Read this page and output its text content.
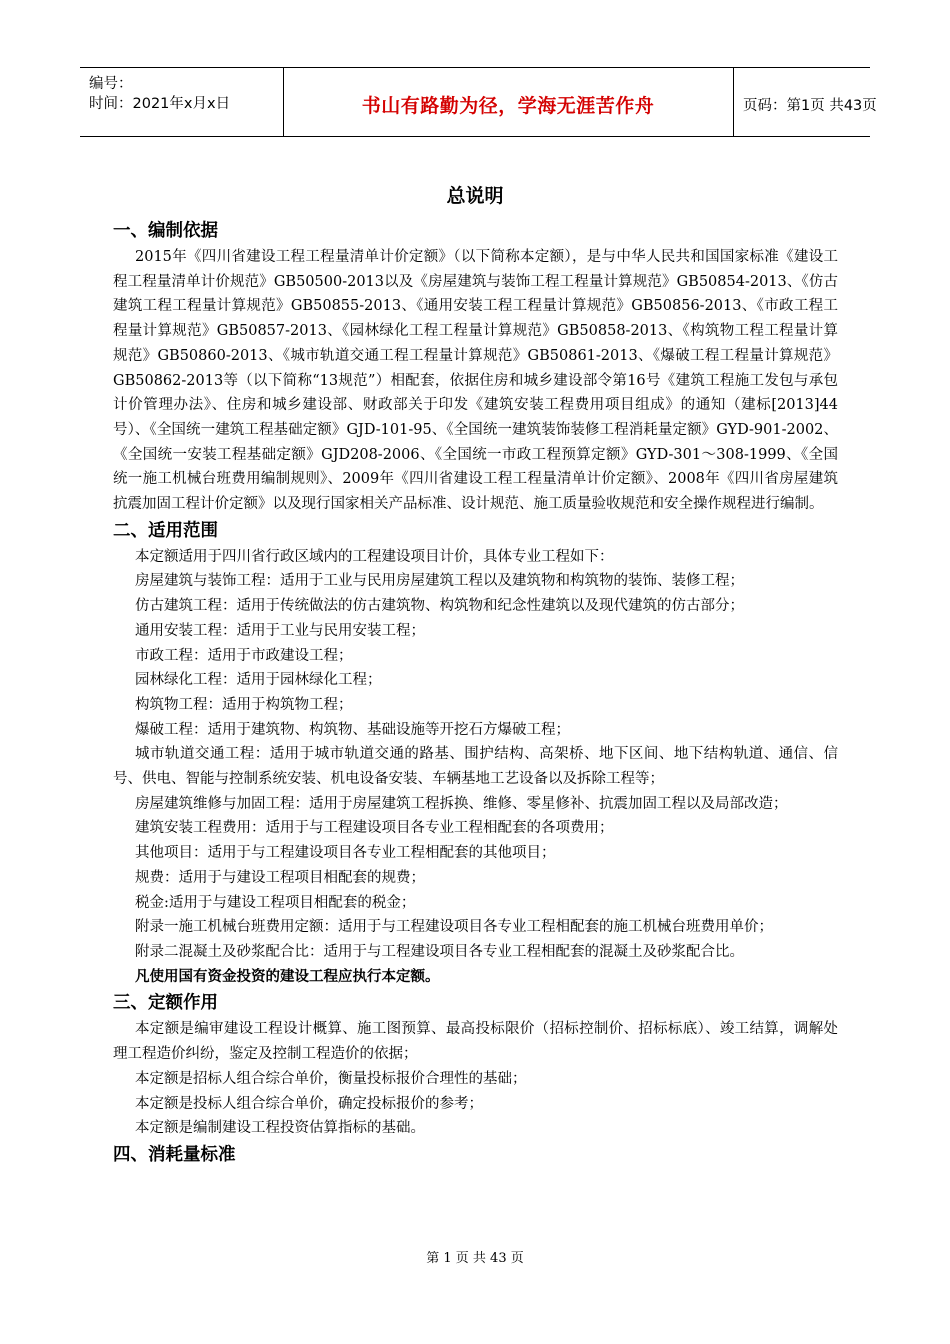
编号：
时间：2021年x月x日	书山有路勤为径，学海无涯苦作舟	页码：第1页 共43页
总说明
一、编制依据

2015年《四川省建设工程工程量清单计价定额》（以下简称本定额），是与中华人民共和国国家标准《建设工程工程量清单计价规范》GB50500-2013以及《房屋建筑与装饰工程工程量计算规范》GB50854-2013、《仿古建筑工程工程量计算规范》GB50855-2013、《通用安装工程工程量计算规范》GB50856-2013、《市政工程工程量计算规范》GB50857-2013、《园林绿化工程工程量计算规范》GB50858-2013、《构筑物工程工程量计算规范》GB50860-2013、《城市轨道交通工程工程量计算规范》GB50861-2013、《爆破工程工程量计算规范》GB50862-2013等（以下简称“13规范”）相配套，依据住房和城乡建设部令第16号《建筑工程施工发包与承包计价管理办法》、住房和城乡建设部、财政部关于印发《建筑安装工程费用项目组成》的通知（建标[2013]44号）、《全国统一建筑工程基础定额》GJD-101-95、《全国统一建筑装饰装修工程消耗量定额》GYD-901-2002、《全国统一安装工程基础定额》GJD208-2006、《全国统一市政工程预算定额》GYD-301～308-1999、《全国统一施工机械台班费用编制规则》、2009年《四川省建设工程工程量清单计价定额》、2008年《四川省房屋建筑抗震加固工程计价定额》以及现行国家相关产品标准、设计规范、施工质量验收规范和安全操作规程进行编制。

二、适用范围

本定额适用于四川省行政区域内的工程建设项目计价，具体专业工程如下：

房屋建筑与装饰工程：适用于工业与民用房屋建筑工程以及建筑物和构筑物的装饰、装修工程；

仿古建筑工程：适用于传统做法的仿古建筑物、构筑物和纪念性建筑以及现代建筑的仿古部分；

通用安装工程：适用于工业与民用安装工程；

市政工程：适用于市政建设工程；

园林绿化工程：适用于园林绿化工程；

构筑物工程：适用于构筑物工程；

爆破工程：适用于建筑物、构筑物、基础设施等开挖石方爆破工程；

城市轨道交通工程：适用于城市轨道交通的路基、围护结构、高架桥、地下区间、地下结构轨道、通信、信号、供电、智能与控制系统安装、机电设备安装、车辆基地工艺设备以及拆除工程等；

房屋建筑维修与加固工程：适用于房屋建筑工程拆换、维修、零星修补、抗震加固工程以及局部改造；

建筑安装工程费用：适用于与工程建设项目各专业工程相配套的各项费用；

其他项目：适用于与工程建设项目各专业工程相配套的其他项目；

规费：适用于与建设工程项目相配套的规费；

税金:适用于与建设工程项目相配套的税金；

附录一施工机械台班费用定额：适用于与工程建设项目各专业工程相配套的施工机械台班费用单价；

附录二混凝土及砂浆配合比：适用于与工程建设项目各专业工程相配套的混凝土及砂浆配合比。

凡使用国有资金投资的建设工程应执行本定额。

三、定额作用

本定额是编审建设工程设计概算、施工图预算、最高投标限价（招标控制价、招标标底）、竣工结算，调解处理工程造价纠纷，鉴定及控制工程造价的依据；

本定额是招标人组合综合单价，衡量投标报价合理性的基础；

本定额是投标人组合综合单价，确定投标报价的参考；

本定额是编制建设工程投资估算指标的基础。

四、消耗量标准
第 1 页 共 43 页
